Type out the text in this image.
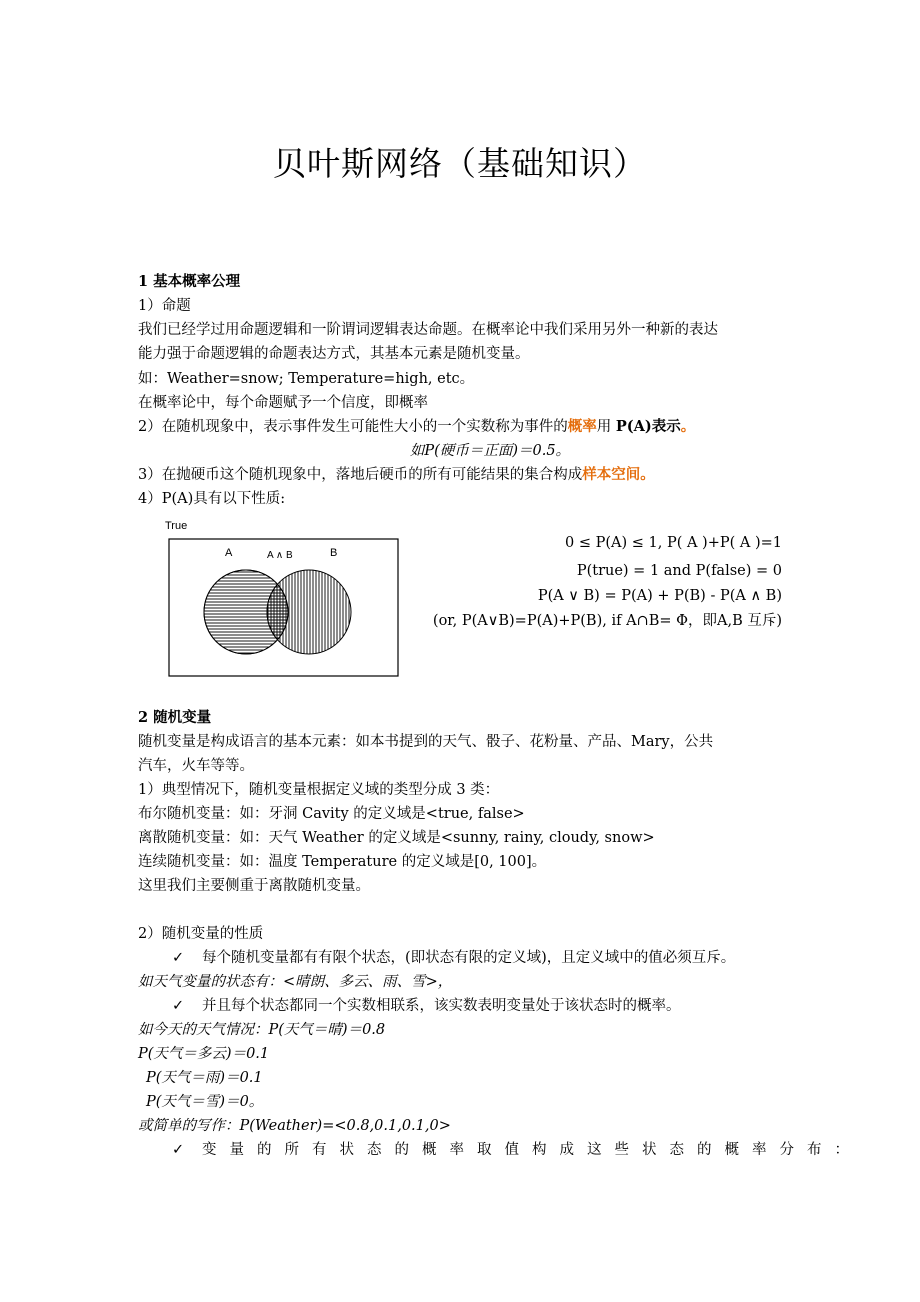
贝叶斯网络（基础知识）
1 基本概率公理
1）命题
我们已经学过用命题逻辑和一阶谓词逻辑表达命题。在概率论中我们采用另外一种新的表达
能力强于命题逻辑的命题表达方式，其基本元素是随机变量。
如：Weather=snow; Temperature=high, etc。
在概率论中，每个命题赋予一个信度，即概率
2）在随机现象中，表示事件发生可能性大小的一个实数称为事件的概率用 P(A)表示。
如P(硬币＝正面)＝0.5。
3）在抛硬币这个随机现象中，落地后硬币的所有可能结果的集合构成样本空间。
4）P(A)具有以下性质:
True
A	A ∧ B	B
0 ≤ P(A) ≤ 1, P( A )+P( A )=1
P(true) = 1 and P(false) = 0
P(A ∨ B) = P(A) + P(B) - P(A ∧ B)
(or, P(A∨B)=P(A)+P(B), if A∩B= Φ，即A,B 互斥)
2 随机变量
随机变量是构成语言的基本元素：如本书提到的天气、骰子、花粉量、产品、Mary，公共
汽车，火车等等。
1）典型情况下，随机变量根据定义域的类型分成 3 类：
布尔随机变量：如：牙洞 Cavity 的定义域是<true, false>
离散随机变量：如：天气 Weather 的定义域是<sunny, rainy, cloudy, snow>
连续随机变量：如：温度 Temperature 的定义域是[0, 100]。
这里我们主要侧重于离散随机变量。
2）随机变量的性质
✓ 每个随机变量都有有限个状态，(即状态有限的定义域)，且定义域中的值必须互斥。
如天气变量的状态有：<晴朗、多云、雨、雪>，
✓ 并且每个状态都同一个实数相联系，该实数表明变量处于该状态时的概率。
如今天的天气情况：P(天气＝晴)＝0.8
P(天气＝多云)＝0.1
P(天气＝雨)＝0.1
P(天气＝雪)＝0。
或简单的写作：P(Weather)=<0.8,0.1,0.1,0>
✓ 变量的所有状态的概率取值构成这些状态的概率分布：
